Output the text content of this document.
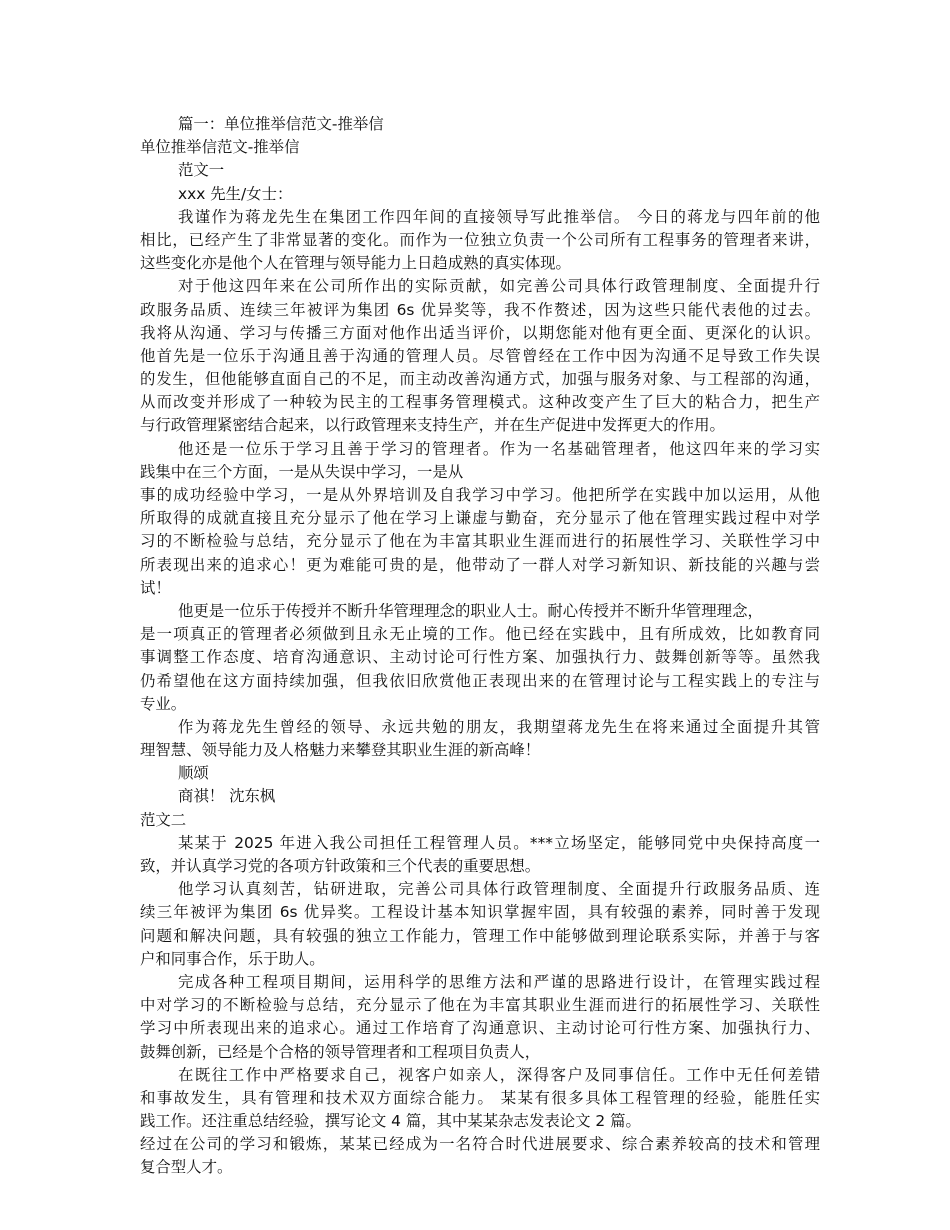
篇一：单位推举信范文-推举信
单位推举信范文-推举信
范文一
xxx 先生/女士：
我谨作为蒋龙先生在集团工作四年间的直接领导写此推举信。 今日的蒋龙与四年前的他
相比，已经产生了非常显著的变化。而作为一位独立负责一个公司所有工程事务的管理者来讲，
这些变化亦是他个人在管理与领导能力上日趋成熟的真实体现。
对于他这四年来在公司所作出的实际贡献，如完善公司具体行政管理制度、全面提升行
政服务品质、连续三年被评为集团 6s 优异奖等，我不作赘述，因为这些只能代表他的过去。
我将从沟通、学习与传播三方面对他作出适当评价，以期您能对他有更全面、更深化的认识。
他首先是一位乐于沟通且善于沟通的管理人员。尽管曾经在工作中因为沟通不足导致工作失误
的发生，但他能够直面自己的不足，而主动改善沟通方式，加强与服务对象、与工程部的沟通，
从而改变并形成了一种较为民主的工程事务管理模式。这种改变产生了巨大的粘合力，把生产
与行政管理紧密结合起来，以行政管理来支持生产，并在生产促进中发挥更大的作用。
他还是一位乐于学习且善于学习的管理者。作为一名基础管理者，他这四年来的学习实
践集中在三个方面，一是从失误中学习，一是从
事的成功经验中学习，一是从外界培训及自我学习中学习。他把所学在实践中加以运用，从他
所取得的成就直接且充分显示了他在学习上谦虚与勤奋，充分显示了他在管理实践过程中对学
习的不断检验与总结，充分显示了他在为丰富其职业生涯而进行的拓展性学习、关联性学习中
所表现出来的追求心！更为难能可贵的是，他带动了一群人对学习新知识、新技能的兴趣与尝
试！
他更是一位乐于传授并不断升华管理理念的职业人士。耐心传授并不断升华管理理念，
是一项真正的管理者必须做到且永无止境的工作。他已经在实践中，且有所成效，比如教育同
事调整工作态度、培育沟通意识、主动讨论可行性方案、加强执行力、鼓舞创新等等。虽然我
仍希望他在这方面持续加强，但我依旧欣赏他正表现出来的在管理讨论与工程实践上的专注与
专业。
作为蒋龙先生曾经的领导、永远共勉的朋友，我期望蒋龙先生在将来通过全面提升其管
理智慧、领导能力及人格魅力来攀登其职业生涯的新高峰！
顺颂
商祺！ 沈东枫
范文二
某某于 2025 年进入我公司担任工程管理人员。***立场坚定，能够同党中央保持高度一
致，并认真学习党的各项方针政策和三个代表的重要思想。
他学习认真刻苦，钻研进取，完善公司具体行政管理制度、全面提升行政服务品质、连
续三年被评为集团 6s 优异奖。工程设计基本知识掌握牢固，具有较强的素养，同时善于发现
问题和解决问题，具有较强的独立工作能力，管理工作中能够做到理论联系实际，并善于与客
户和同事合作，乐于助人。
完成各种工程项目期间，运用科学的思维方法和严谨的思路进行设计，在管理实践过程
中对学习的不断检验与总结，充分显示了他在为丰富其职业生涯而进行的拓展性学习、关联性
学习中所表现出来的追求心。通过工作培育了沟通意识、主动讨论可行性方案、加强执行力、
鼓舞创新，已经是个合格的领导管理者和工程项目负责人，
在既往工作中严格要求自己，视客户如亲人，深得客户及同事信任。工作中无任何差错
和事故发生，具有管理和技术双方面综合能力。 某某有很多具体工程管理的经验，能胜任实
践工作。还注重总结经验，撰写论文 4 篇，其中某某杂志发表论文 2 篇。
经过在公司的学习和锻炼，某某已经成为一名符合时代进展要求、综合素养较高的技术和管理
复合型人才。
